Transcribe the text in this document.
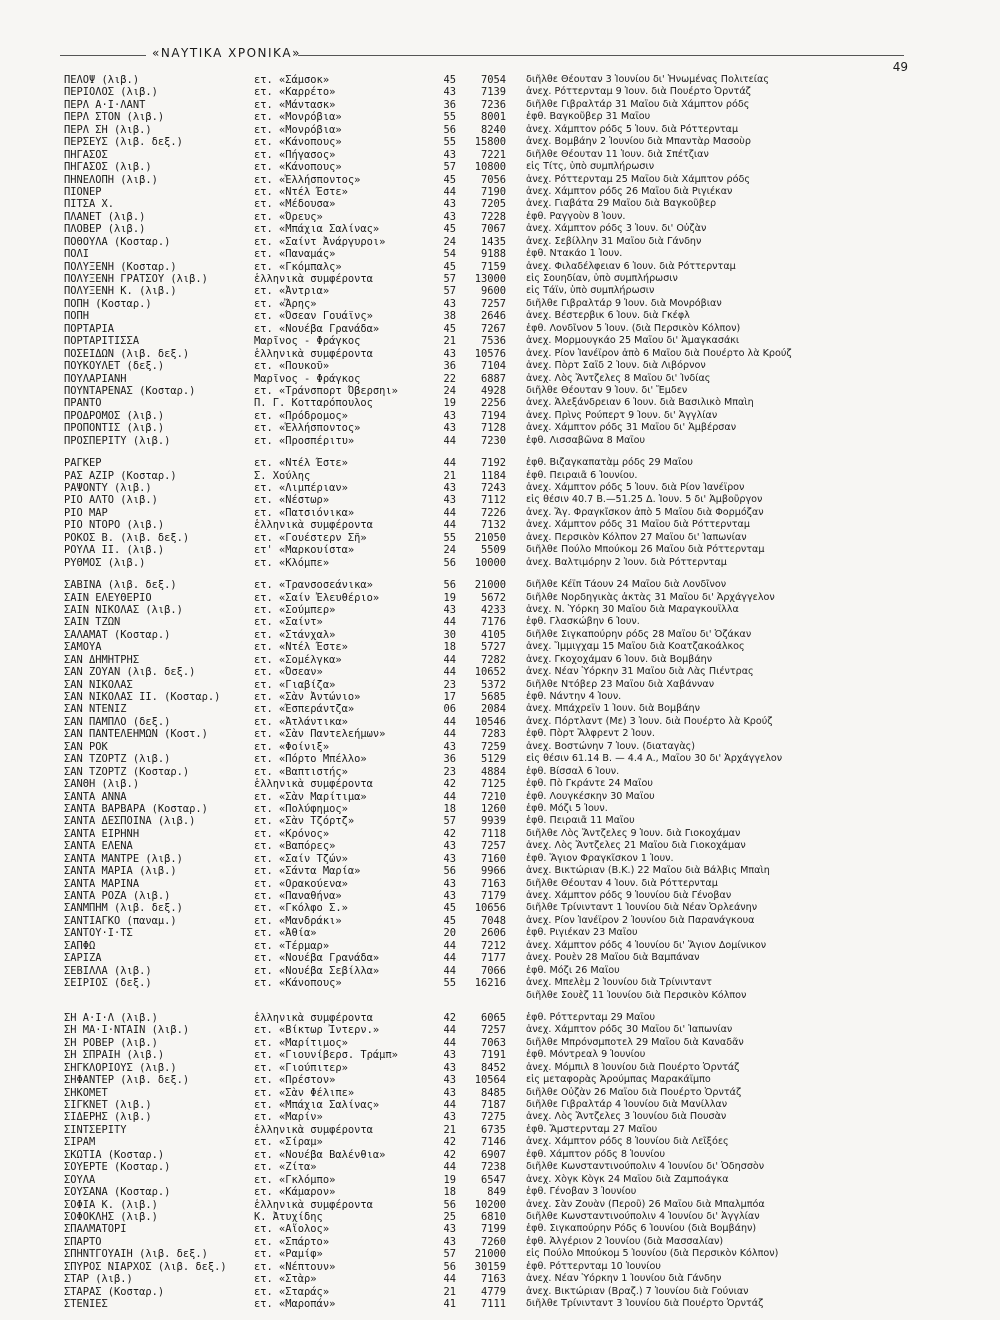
«ΝΑΥΤΙΚΑ ΧΡΟΝΙΚΑ»
49
ΠΕΛΟΨ (λιβ.)	ετ. «Σάμσοκ»	45	7054	διῆλθε Θέουταν 3 Ἰουνίου δι' Ἡνωμένας Πολιτείας
ΠΕΡΙΟΛΟΣ (λιβ.)	ετ. «Καρρέτο»	43	7139	ἀνεχ. Ρόττερνταμ 9 Ἰουν. διὰ Πουέρτο Ὀρντάζ
ΠΕΡΛ Α·Ι·ΛΑΝΤ	ετ. «Μάντασκ»	36	7236	διῆλθε Γιβραλτάρ 31 Μαΐου διὰ Χάμπτον ρόδς
ΠΕΡΛ ΣΤΟΝ (λιβ.)	ετ. «Μονρόβια»	55	8001	ἐφθ. Βαγκοῦβερ 31 Μαΐου
ΠΕΡΛ ΣΗ (λιβ.)	ετ. «Μονρόβια»	56	8240	ἀνεχ. Χάμπτον ρόδς 5 Ἰουν. διὰ Ρόττερνταμ
ΠΕΡΣΕΥΣ (λιβ. δεξ.)	ετ. «Κάνοπους»	55	15800	ἀνεχ. Βομβάην 2 Ἰουνίου διὰ Μπαντὰρ Μασοὺρ
ΠΗΓΑΣΟΣ	ετ. «Πήγασος»	43	7221	διῆλθε Θέουταν 11 Ἰουν. διὰ Σπέτζιαν
ΠΗΓΑΣΟΣ (λιβ.)	ετ. «Κάνοπους»	57	10800	εἰς Τίτς, ὑπὸ συμπλήρωσιν
ΠΗΝΕΛΟΠΗ (λιβ.)	ετ. «Ἑλλήσποντος»	45	7056	ἀνεχ. Ρόττερνταμ 25 Μαΐου διὰ Χάμπτον ρόδς
ΠΙΟΝΕΡ	ετ. «Ντέλ Έστε»	44	7190	ἀνεχ. Χάμπτον ρόδς 26 Μαΐου διὰ Ριγιέκαν
ΠΙΤΣΑ Χ.	ετ. «Μέδουσα»	43	7205	ἀνεχ. Γιαβάτα 29 Μαΐου διὰ Βαγκοῦβερ
ΠΛΑΝΕΤ (λιβ.)	ετ. «Όρευς»	43	7228	ἐφθ. Ραγγοὺν 8 Ἰουν.
ΠΛΟΒΕΡ (λιβ.)	ετ. «Μπάχια Σαλίνας»	45	7067	ἀνεχ. Χάμπτον ρόδς 3 Ἰουν. δι' Οὐζὰν
ΠΟΘΟΥΛΑ (Κοσταρ.)	ετ. «Σαίντ Ἀνάργυροι»	24	1435	ἀνεχ. Σεβίλλην 31 Μαΐου διὰ Γάνδην
ΠΟΛΙ	ετ. «Παναμάς»	54	9188	ἐφθ. Ντακάο 1 Ἰουν.
ΠΟΛΥΞΕΝΗ (Κοσταρ.)	ετ. «Γκόμπαλς»	45	7159	ἀνεχ. Φιλαδέλφειαν 6 Ἰουν. διὰ Ρόττερνταμ
ΠΟΛΥΞΕΝΗ ΓΡΑΤΣΟΥ (λιβ.)	ἑλληνικὰ συμφέροντα	57	13000	εἰς Σουηδίαν, ὑπὸ συμπλήρωσιν
ΠΟΛΥΞΕΝΗ Κ. (λιβ.)	ετ. «Ἀντρια»	57	9600	εἰς Τάϊν, ὑπὸ συμπλήρωσιν
ΠΟΠΗ (Κοσταρ.)	ετ. «Ἄρης»	43	7257	διῆλθε Γιβραλτάρ 9 Ἰουν. διὰ Μονρόβιαν
ΠΟΠΗ	ετ. «Όσεαν Γουάϊνς»	38	2646	ἀνεχ. Βέστερβικ 6 Ἰουν. διὰ Γκέφλ
ΠΟΡΤΑΡΙΑ	ετ. «Νουέβα Γρανάδα»	45	7267	ἐφθ. Λονδῖνον 5 Ἰουν. (διὰ Περσικὸν Κόλπον)
ΠΟΡΤΑΡΙΤΙΣΣΑ	Μαρῖνος - Φράγκος	21	7536	ἀνεχ. Μορμουγκάο 25 Μαΐου δι' Ἀμαγκασάκι
ΠΟΣΕΙΔΩΝ (λιβ. δεξ.)	ἑλληνικὰ συμφέροντα	43	10576	ἀνεχ. Ρίον Ἰανέϊρον ἀπὸ 6 Μαΐου διὰ Πουέρτο λὰ Κρούζ
ΠΟΥΚΟΥΛΕΤ (δεξ.)	ετ. «Πουκοῦ»	36	7104	ἀνεχ. Πὸρτ Σαΐδ 2 Ἰουν. διὰ Λιβόρνον
ΠΟΥΛΑΡΙΑΝΗ	Μαρῖνος - Φράγκος	22	6887	ἀνεχ. Λὸς Ἄντζελες 8 Μαΐου δι' Ἰνδίας
ΠΟΥΝΤΑΡΕΝΑΣ (Κοσταρ.)	ετ. «Τράνσπορτ Όβερσηι»	24	4928	διῆλθε Θέουταν 9 Ἰουν. δι' Ἔμδεν
ΠΡΑΝΤΟ	Π. Γ. Κοτταρόπουλος	19	2256	ἀνεχ. Ἀλεξάνδρειαν 6 Ἰουν. διὰ Βασιλικὸ Μπαὶη
ΠΡΟΔΡΟΜΟΣ (λιβ.)	ετ. «Πρόδρομος»	43	7194	ἀνεχ. Πρὶνς Ρούπερτ 9 Ἰουν. δι' Ἀγγλίαν
ΠΡΟΠΟΝΤΙΣ (λιβ.)	ετ. «Ἑλλήσποντος»	43	7128	ἀνεχ. Χάμπτον ρόδς 31 Μαΐου δι' Ἀμβέρσαν
ΠΡΟΣΠΕΡΙΤΥ (λιβ.)	ετ. «Προσπέριτυ»	44	7230	ἐφθ. Λισσαβῶνα 8 Μαΐου
ΡΑΓΚΕΡ	ετ. «Ντέλ Έστε»	44	7192	ἐφθ. Βιζαγκαπατὰμ ρόδς 29 Μαΐου
ΡΑΣ ΑΖΙΡ (Κοσταρ.)	Σ. Χούλης	21	1184	ἐφθ. Πειραιᾶ 6 Ἰουνίου.
ΡΑΨΟΝΤΥ (λιβ.)	ετ. «Λιμπέριαν»	43	7243	ἀνεχ. Χάμπτον ρόδς 5 Ἰουν. διὰ Ρίον Ἰανέϊρον
ΡΙΟ ΑΛΤΟ (λιβ.)	ετ. «Νέστωρ»	43	7112	εἰς θέσιν 40.7 Β.—51.25 Δ. Ἰουν. 5 δι' Ἀμβοῦργον
ΡΙΟ ΜΑΡ	ετ. «Πατσιόνικα»	44	7226	ἀνεχ. Ἄγ. Φραγκῖσκον ἀπὸ 5 Μαΐου διὰ Φορμόζαν
ΡΙΟ ΝΤΟΡΟ (λιβ.)	ἑλληνικὰ συμφέροντα	44	7132	ἀνεχ. Χάμπτον ρόδς 31 Μαΐου διὰ Ρόττερνταμ
ΡΟΚΟΣ Β. (λιβ. δεξ.)	ετ. «Γουέστερν Σῆ»	55	21050	ἀνεχ. Περσικὸν Κόλπον 27 Μαΐου δι' Ἰαπωνίαν
ΡΟΥΛΑ ΙΙ. (λιβ.)	ετ' «Μαρκουίστα»	24	5509	διῆλθε Πούλο Μπούκομ 26 Μαΐου διὰ Ρόττερνταμ
ΡΥΘΜΟΣ (λιβ.)	ετ. «Κλόμπε»	56	10000	ἀνεχ. Βαλτιμόρην 2 Ἰουν. διὰ Ρόττερνταμ
ΣΑΒΙΝΑ (λιβ. δεξ.)	ετ. «Τρανσοσεάνικα»	56	21000	διῆλθε Κέϊπ Τάουν 24 Μαΐου διὰ Λονδῖνον
ΣΑΙΝ ΕΛΕΥΘΕΡΙΟ	ετ. «Σαίν Ἐλευθέριο»	19	5672	διῆλθε Νορδηγικὰς ἀκτὰς 31 Μαΐου δι' Ἀρχάγγελον
ΣΑΙΝ ΝΙΚΟΛΑΣ (λιβ.)	ετ. «Σούμπερ»	43	4233	ἀνεχ. Ν. Ὑόρκη 30 Μαΐου διὰ Μαραγκουΐλλα
ΣΑΙΝ ΤΖΩΝ	ετ. «Σαίντ»	44	7176	ἐφθ. Γλασκώβην 6 Ἰουν.
ΣΑΛΑΜΑΤ (Κοσταρ.)	ετ. «Στάνχαλ»	30	4105	διῆλθε Σιγκαπούρην ρόδς 28 Μαΐου δι' Ὀζάκαν
ΣΑΜΟΥΑ	ετ. «Ντέλ Έστε»	18	5727	ἀνεχ. Ἴμμιγχαμ 15 Μαΐου διὰ Κοατζακοάλκος
ΣΑΝ ΔΗΜΗΤΡΗΣ	ετ. «Σομέλγκα»	44	7282	ἀνεχ. Γκοχοχάμαν 6 Ἰουν. διὰ Βομβάην
ΣΑΝ ΖΟΥΑΝ (λιβ. δεξ.)	ετ. «Όσεαν»	44	10652	ἀνεχ. Νέαν Ὑόρκην 31 Μαΐου διὰ Λὰς Πιέντρας
ΣΑΝ ΝΙΚΟΛΑΣ	ετ. «Γιαβίζα»	23	5372	διῆλθε Ντόβερ 23 Μαΐου διὰ Χαβάνναν
ΣΑΝ ΝΙΚΟΛΑΣ ΙΙ. (Κοσταρ.)	ετ. «Σὰν Ἀντώνιο»	17	5685	ἐφθ. Νάντην 4 Ἰουν.
ΣΑΝ ΝΤΕΝΙΖ	ετ. «Έσπεράντζα»	06	2084	ἀνεχ. Μπάχρεϊν 1 Ἰουν. διὰ Βομβάην
ΣΑΝ ΠΑΜΠΛΟ (δεξ.)	ετ. «Ἀτλάντικα»	44	10546	ἀνεχ. Πόρτλαντ (Με) 3 Ἰουν. διὰ Πουέρτο λὰ Κρούζ
ΣΑΝ ΠΑΝΤΕΛΕΗΜΩΝ (Κοστ.)	ετ. «Σὰν Παντελεήμων»	44	7283	ἐφθ. Πὸρτ Ἄλφρεντ 2 Ἰουν.
ΣΑΝ ΡΟΚ	ετ. «Φοίνιξ»	43	7259	ἀνεχ. Βοστώνην 7 Ἰουν. (διαταγὰς)
ΣΑΝ ΤΖΟΡΤΖ (λιβ.)	ετ. «Πόρτο Μπέλλο»	36	5129	εἰς θέσιν 61.14 Β. — 4.4 Α., Μαΐου 30 δι' Ἀρχάγγελον
ΣΑΝ ΤΖΟΡΤΖ (Κοσταρ.)	ετ. «Βαπτιστής»	23	4884	ἐφθ. Βίσσαλ 6 Ἰουν.
ΣΑΝΘΗ (λιβ.)	ἑλληνικὰ συμφέροντα	42	7125	ἐφθ. Πὸ Γκράντε 24 Μαΐου
ΣΑΝΤΑ ΑΝΝΑ	ετ. «Σὰν Μαρίτιμα»	44	7210	ἐφθ. Λουγκέσκην 30 Μαΐου
ΣΑΝΤΑ ΒΑΡΒΑΡΑ (Κοσταρ.)	ετ. «Πολύφημος»	18	1260	ἐφθ. Μόζι 5 Ἰουν.
ΣΑΝΤΑ ΔΕΣΠΟΙΝΑ (λιβ.)	ετ. «Σὰν Τζόρτζ»	57	9939	ἐφθ. Πειραιᾶ 11 Μαΐου
ΣΑΝΤΑ ΕΙΡΗΝΗ	ετ. «Κρόνος»	42	7118	διῆλθε Λὸς Ἄντζελες 9 Ἰουν. διὰ Γιοκοχάμαν
ΣΑΝΤΑ ΕΛΕΝΑ	ετ. «Βαπόρες»	43	7257	ἀνεχ. Λὸς Ἄντζελες 21 Μαΐου διὰ Γιοκοχάμαν
ΣΑΝΤΑ ΜΑΝΤΡΕ (λιβ.)	ετ. «Σαίν Τζών»	43	7160	ἐφθ. Ἅγιον Φραγκῖσκον 1 Ἰουν.
ΣΑΝΤΑ ΜΑΡΙΑ (λιβ.)	ετ. «Σάντα Μαρία»	56	9966	ἀνεχ. Βικτώριαν (Β.Κ.) 22 Μαΐου διὰ Βάλβις Μπαὶη
ΣΑΝΤΑ ΜΑΡΙΝΑ	ετ. «Ορακούενα»	43	7163	διῆλθε Θέουταν 4 Ἰουν. διὰ Ρόττερνταμ
ΣΑΝΤΑ ΡΟΖΑ (λιβ.)	ετ. «Παναθήνα»	43	7179	ἀνεχ. Χάμπτον ρόδς 9 Ἰουνίου διὰ Γένοβαν
ΣΑΝΜΠΗΜ (λιβ. δεξ.)	ετ. «Γκόλφο Σ.»	45	10656	διῆλθε Τρίνινταντ 1 Ἰουνίου διὰ Νέαν Ὀρλεάνην
ΣΑΝΤΙΑΓΚΟ (παναμ.)	ετ. «Μανδράκι»	45	7048	ἀνεχ. Ρίον Ἰανέϊρον 2 Ἰουνίου διὰ Παρανάγκουα
ΣΑΝΤΟΥ·Ι·ΤΣ	ετ. «Ἀθία»	20	2606	ἐφθ. Ριγιέκαν 23 Μαΐου
ΣΑΠΦΩ	ετ. «Τέρμαρ»	44	7212	ἀνεχ. Χάμπτον ρόδς 4 Ἰουνίου δι' Ἅγιον Δομίνικον
ΣΑΡΙΖΑ	ετ. «Νουέβα Γρανάδα»	44	7177	ἀνεχ. Ρουὲν 28 Μαΐου διὰ Βαμπάναν
ΣΕΒΙΛΛΑ (λιβ.)	ετ. «Νουέβα Σεβίλλα»	44	7066	ἐφθ. Μόζι 26 Μαΐου
ΣΕΙΡΙΟΣ (δεξ.)	ετ. «Κάνοπους»	55	16216	ἀνεχ. Μπελὲμ 2 Ἰουνίου διὰ Τρίνινταντ
διῆλθε Σουὲζ 11 Ἰουνίου διὰ Περσικὸν Κόλπον
ΣΗ Α·Ι·Λ (λιβ.)	ἑλληνικὰ συμφέροντα	42	6065	ἐφθ. Ρόττερνταμ 29 Μαΐου
ΣΗ ΜΑ·Ι·ΝΤΑΙΝ (λιβ.)	ετ. «Βίκτωρ Ἰντερν.»	44	7257	ἀνεχ. Χάμπτον ρόδς 30 Μαΐου δι' Ἰαπωνίαν
ΣΗ ΡΟΒΕΡ (λιβ.)	ετ. «Μαρίτιμος»	44	7063	διῆλθε Μπρόνσμποτελ 29 Μαΐου διὰ Καναδᾶν
ΣΗ ΣΠΡΑΙΗ (λιβ.)	ετ. «Γιουνίβερσ. Τράμπ»	43	7191	ἐφθ. Μόντρεαλ 9 Ἰουνίου
ΣΗΓΚΛΟΡΙΟΥΣ (λιβ.)	ετ. «Γιούπιτερ»	43	8452	ἀνεχ. Μόμπιλ 8 Ἰουνίου διὰ Πουέρτο Ὀρντάζ
ΣΗΦΑΝΤΕΡ (λιβ. δεξ.)	ετ. «Πρέστον»	43	10564	εἰς μεταφορὰς Ἀρούμπας Μαρακάϊμπο
ΣΗΚΟΜΕΤ	ετ. «Σὰν Φέλιπε»	43	8485	διῆλθε Οὐζὰν 26 Μαΐου διὰ Πουέρτο Ὀρντάζ
ΣΙΓΚΝΕΤ (λιβ.)	ετ. «Μπάχια Σαλίνας»	44	7187	διῆλθε Γιβραλτάρ 4 Ἰουνίου διὰ Μανίλλαν
ΣΙΔΕΡΗΣ (λιβ.)	ετ. «Μαρίν»	43	7275	ἀνεχ. Λὸς Ἄντζελες 3 Ἰουνίου διὰ Πουσὰν
ΣΙΝΤΣΕΡΙΤΥ	ἑλληνικὰ συμφέροντα	21	6735	ἐφθ. Ἄμστερνταμ 27 Μαΐου
ΣΙΡΑΜ	ετ. «Σίραμ»	42	7146	ἀνεχ. Χάμπτον ρόδς 8 Ἰουνίου διὰ Λεῖξόες
ΣΚΩΤΙΑ (Κοσταρ.)	ετ. «Νουέβα Βαλένθια»	42	6907	ἐφθ. Χάμπτον ρόδς 8 Ἰουνίου
ΣΟΥΕΡΤΕ (Κοσταρ.)	ετ. «Ζίτα»	44	7238	διῆλθε Κωνσταντινούπολιν 4 Ἰουνίου δι' Ὀδησσὸν
ΣΟΥΛΑ	ετ. «Γκλόμπο»	19	6547	ἀνεχ. Χὸγκ Κὸγκ 24 Μαΐου διὰ Ζαμποάγκα
ΣΟΥΣΑΝΑ (Κοσταρ.)	ετ. «Κάμαρον»	18	849	ἐφθ. Γένοβαν 3 Ἰουνίου
ΣΟΦΙΑ Κ. (λιβ.)	ἑλληνικὰ συμφέροντα	56	10200	ἀνεχ. Σὰν Ζουὰν (Περοῦ) 26 Μαΐου διὰ Μπαλμπόα
ΣΟΦΟΚΛΗΣ (λιβ.)	Κ. Ἀτυχίδης	25	6810	διῆλθε Κωνσταντινούπολιν 4 Ἰουνίου δι' Ἀγγλίαν
ΣΠΑΛΜΑΤΟΡΙ	ετ. «Αἴολος»	43	7199	ἐφθ. Σιγκαπούρην Ρόδς 6 Ἰουνίου (διὰ Βομβάην)
ΣΠΑΡΤΟ	ετ. «Σπάρτο»	43	7260	ἐφθ. Ἀλγέριον 2 Ἰουνίου (διὰ Μασσαλίαν)
ΣΠΗΝΤΓΟΥΑΙΗ (λιβ. δεξ.)	ετ. «Ραμίφ»	57	21000	εἰς Πούλο Μπούκομ 5 Ἰουνίου (διὰ Περσικὸν Κόλπον)
ΣΠΥΡΟΣ ΝΙΑΡΧΟΣ (λιβ. δεξ.)	ετ. «Νέπτουν»	56	30159	ἐφθ. Ρόττερνταμ 10 Ἰουνίου
ΣΤΑΡ (λιβ.)	ετ. «Στὰρ»	44	7163	ἀνεχ. Νέαν Ὑόρκην 1 Ἰουνίου διὰ Γάνδην
ΣΤΑΡΑΣ (Κοσταρ.)	ετ. «Σταράς»	21	4779	ἀνεχ. Βικτώριαν (Βραζ.) 7 Ἰουνίου διὰ Γούνιαν
ΣΤΕΝΙΕΣ	ετ. «Μαροπάν»	41	7111	διῆλθε Τρίνινταντ 3 Ἰουνίου διὰ Πουέρτο Ὀρντάζ
